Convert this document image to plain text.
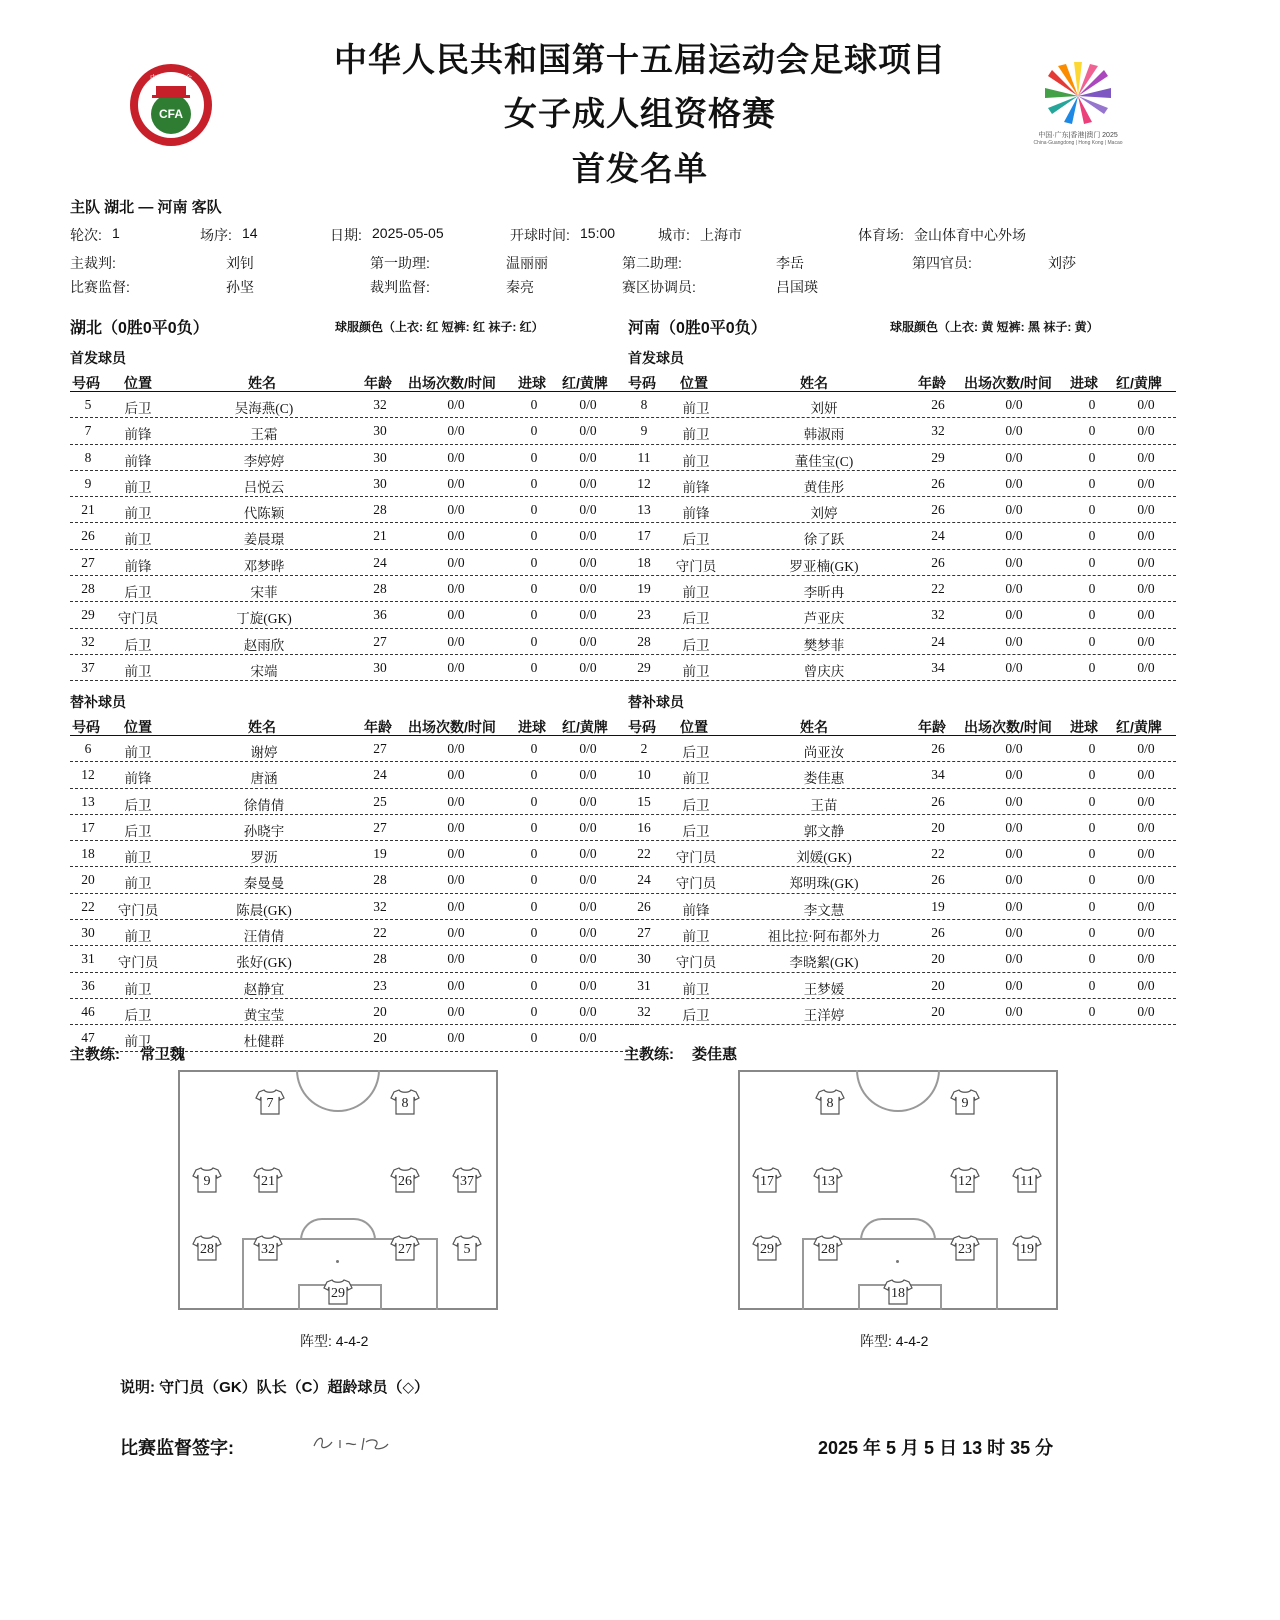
CFA
中国足球协会
中国·广东|香港|澳门 2025
China·Guangdong | Hong Kong | Macao
中华人民共和国第十五届运动会足球项目
女子成人组资格赛
首发名单
主队 湖北 — 河南 客队
轮次: 1	场序: 14	日期: 2025-05-05	开球时间: 15:00	城市: 上海市	体育场: 金山体育中心外场
主裁判:	刘钊	第一助理:	温丽丽	第二助理:	李岳	第四官员:	刘莎
比赛监督:	孙坚	裁判监督:	秦亮	赛区协调员:	吕国瑛
湖北（0胜0平0负）	球服颜色（上衣: 红 短裤: 红 袜子: 红）	河南（0胜0平0负）	球服颜色（上衣: 黄 短裤: 黑 袜子: 黄）
首发球员	首发球员
替补球员	替补球员
号码 位置	姓名	年龄 出场次数/时间 进球 红/黄牌
5 后卫	吴海燕(C)	32	0/0	0	0/0
7 前锋	王霜	30	0/0	0	0/0
8 前锋	李婷婷	30	0/0	0	0/0
9 前卫	吕悦云	30	0/0	0	0/0
21 前卫	代陈颖	28	0/0	0	0/0
26 前卫	姜晨璟	21	0/0	0	0/0
27 前锋	邓梦晔	24	0/0	0	0/0
28 后卫	宋菲	28	0/0	0	0/0
29 守门员	丁旋(GK)	36	0/0	0	0/0
32 后卫	赵雨欣	27	0/0	0	0/0
37 前卫	宋端	30	0/0	0	0/0
号码 位置	姓名	年龄 出场次数/时间 进球 红/黄牌
8	前卫	刘妍	26	0/0	0	0/0
9	前卫	韩淑雨	32	0/0	0	0/0
11 前卫	董佳宝(C)	29	0/0	0	0/0
12 前锋	黄佳彤	26	0/0	0	0/0
13 前锋	刘婷	26	0/0	0	0/0
17 后卫	徐了跃	24	0/0	0	0/0
18 守门员	罗亚楠(GK)	26	0/0	0	0/0
19 前卫	李昕冉	22	0/0	0	0/0
23 后卫	芦亚庆	32	0/0	0	0/0
28 后卫	樊梦菲	24	0/0	0	0/0
29 前卫	曾庆庆	34	0/0	0	0/0
号码 位置	姓名	年龄 出场次数/时间 进球 红/黄牌
6 前卫	谢婷	27	0/0	0	0/0
12 前锋	唐涵	24	0/0	0	0/0
13 后卫	徐倩倩	25	0/0	0	0/0
17 后卫	孙晓宇	27	0/0	0	0/0
18 前卫	罗沥	19	0/0	0	0/0
20 前卫	秦曼曼	28	0/0	0	0/0
22 守门员	陈晨(GK)	32	0/0	0	0/0
30 前卫	汪倩倩	22	0/0	0	0/0
31 守门员	张好(GK)	28	0/0	0	0/0
36 前卫	赵静宜	23	0/0	0	0/0
46 后卫	黄宝莹	20	0/0	0	0/0
47 前卫	杜健群	20	0/0	0	0/0
号码 位置	姓名	年龄 出场次数/时间 进球 红/黄牌
2	后卫	尚亚汝	26	0/0	0	0/0
10 前卫	娄佳惠	34	0/0	0	0/0
15 后卫	王苗	26	0/0	0	0/0
16 后卫	郭文静	20	0/0	0	0/0
22 守门员	刘媛(GK)	22	0/0	0	0/0
24 守门员	郑明珠(GK)	26	0/0	0	0/0
26 前锋	李文慧	19	0/0	0	0/0
27 前卫	祖比拉·阿布都外力	26	0/0	0	0/0
30 守门员	李晓絮(GK)	20	0/0	0	0/0
31 前卫	王梦媛	20	0/0	0	0/0
32 后卫	王洋婷	20	0/0	0	0/0
主教练: 常卫魏	主教练: 娄佳惠
7	8
9	21	26	37
28	32	27	5
29
8	9
17	13	12	11
29	28	23	19
18
阵型: 4-4-2	阵型: 4-4-2
说明: 守门员（GK）队长（C）超龄球员（◇）
比赛监督签字:	2025 年 5 月 5 日 13 时 35 分
